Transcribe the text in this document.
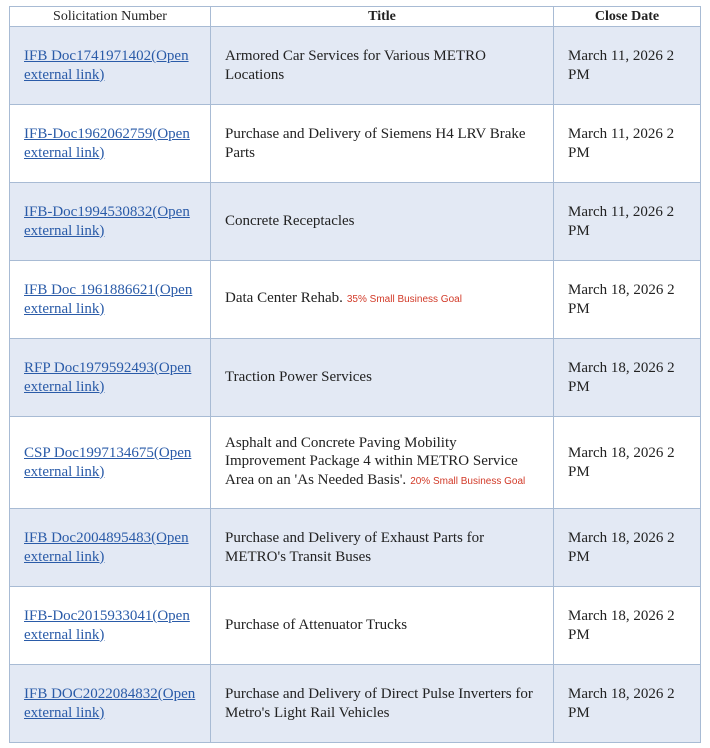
Solicitation Number	Title	Close Date
IFB Doc1741971402(Open external link)	Armored Car Services for Various METRO Locations	March 11, 2026 2 PM
IFB-Doc1962062759(Open external link)	Purchase and Delivery of Siemens H4 LRV Brake Parts	March 11, 2026 2 PM
IFB-Doc1994530832(Open external link)	Concrete Receptacles	March 11, 2026 2 PM
IFB Doc 1961886621(Open external link)	Data Center Rehab. 35% Small Business Goal	March 18, 2026 2 PM
RFP Doc1979592493(Open external link)	Traction Power Services	March 18, 2026 2 PM
CSP Doc1997134675(Open external link)	Asphalt and Concrete Paving Mobility Improvement Package 4 within METRO Service Area on an 'As Needed Basis'. 20% Small Business Goal	March 18, 2026 2 PM
IFB Doc2004895483(Open external link)	Purchase and Delivery of Exhaust Parts for METRO's Transit Buses	March 18, 2026 2 PM
IFB-Doc2015933041(Open external link)	Purchase of Attenuator Trucks	March 18, 2026 2 PM
IFB DOC2022084832(Open external link)	Purchase and Delivery of Direct Pulse Inverters for Metro's Light Rail Vehicles	March 18, 2026 2 PM
